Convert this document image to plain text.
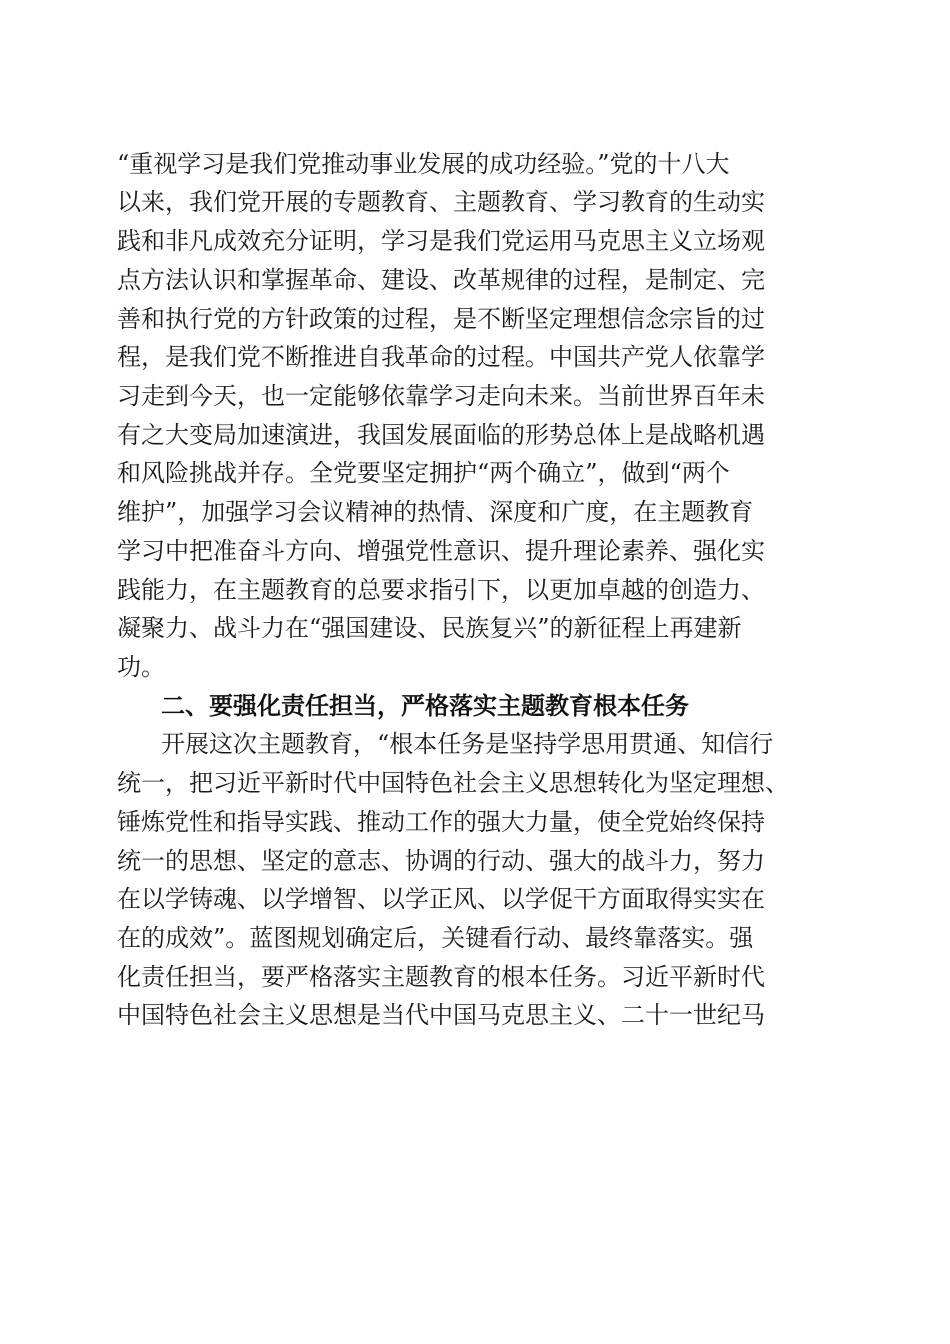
“重视学习是我们党推动事业发展的成功经验。”党的十八大

以来，我们党开展的专题教育、主题教育、学习教育的生动实

践和非凡成效充分证明，学习是我们党运用马克思主义立场观

点方法认识和掌握革命、建设、改革规律的过程，是制定、完

善和执行党的方针政策的过程，是不断坚定理想信念宗旨的过

程，是我们党不断推进自我革命的过程。中国共产党人依靠学

习走到今天，也一定能够依靠学习走向未来。当前世界百年未

有之大变局加速演进，我国发展面临的形势总体上是战略机遇

和风险挑战并存。全党要坚定拥护“两个确立”，做到“两个

维护”，加强学习会议精神的热情、深度和广度，在主题教育

学习中把准奋斗方向、增强党性意识、提升理论素养、强化实

践能力，在主题教育的总要求指引下，以更加卓越的创造力、

凝聚力、战斗力在“强国建设、民族复兴”的新征程上再建新

功。

二、要强化责任担当，严格落实主题教育根本任务

开展这次主题教育，“根本任务是坚持学思用贯通、知信行

统一，把习近平新时代中国特色社会主义思想转化为坚定理想、

锤炼党性和指导实践、推动工作的强大力量，使全党始终保持

统一的思想、坚定的意志、协调的行动、强大的战斗力，努力

在以学铸魂、以学增智、以学正风、以学促干方面取得实实在

在的成效”。蓝图规划确定后，关键看行动、最终靠落实。强

化责任担当，要严格落实主题教育的根本任务。习近平新时代

中国特色社会主义思想是当代中国马克思主义、二十一世纪马
